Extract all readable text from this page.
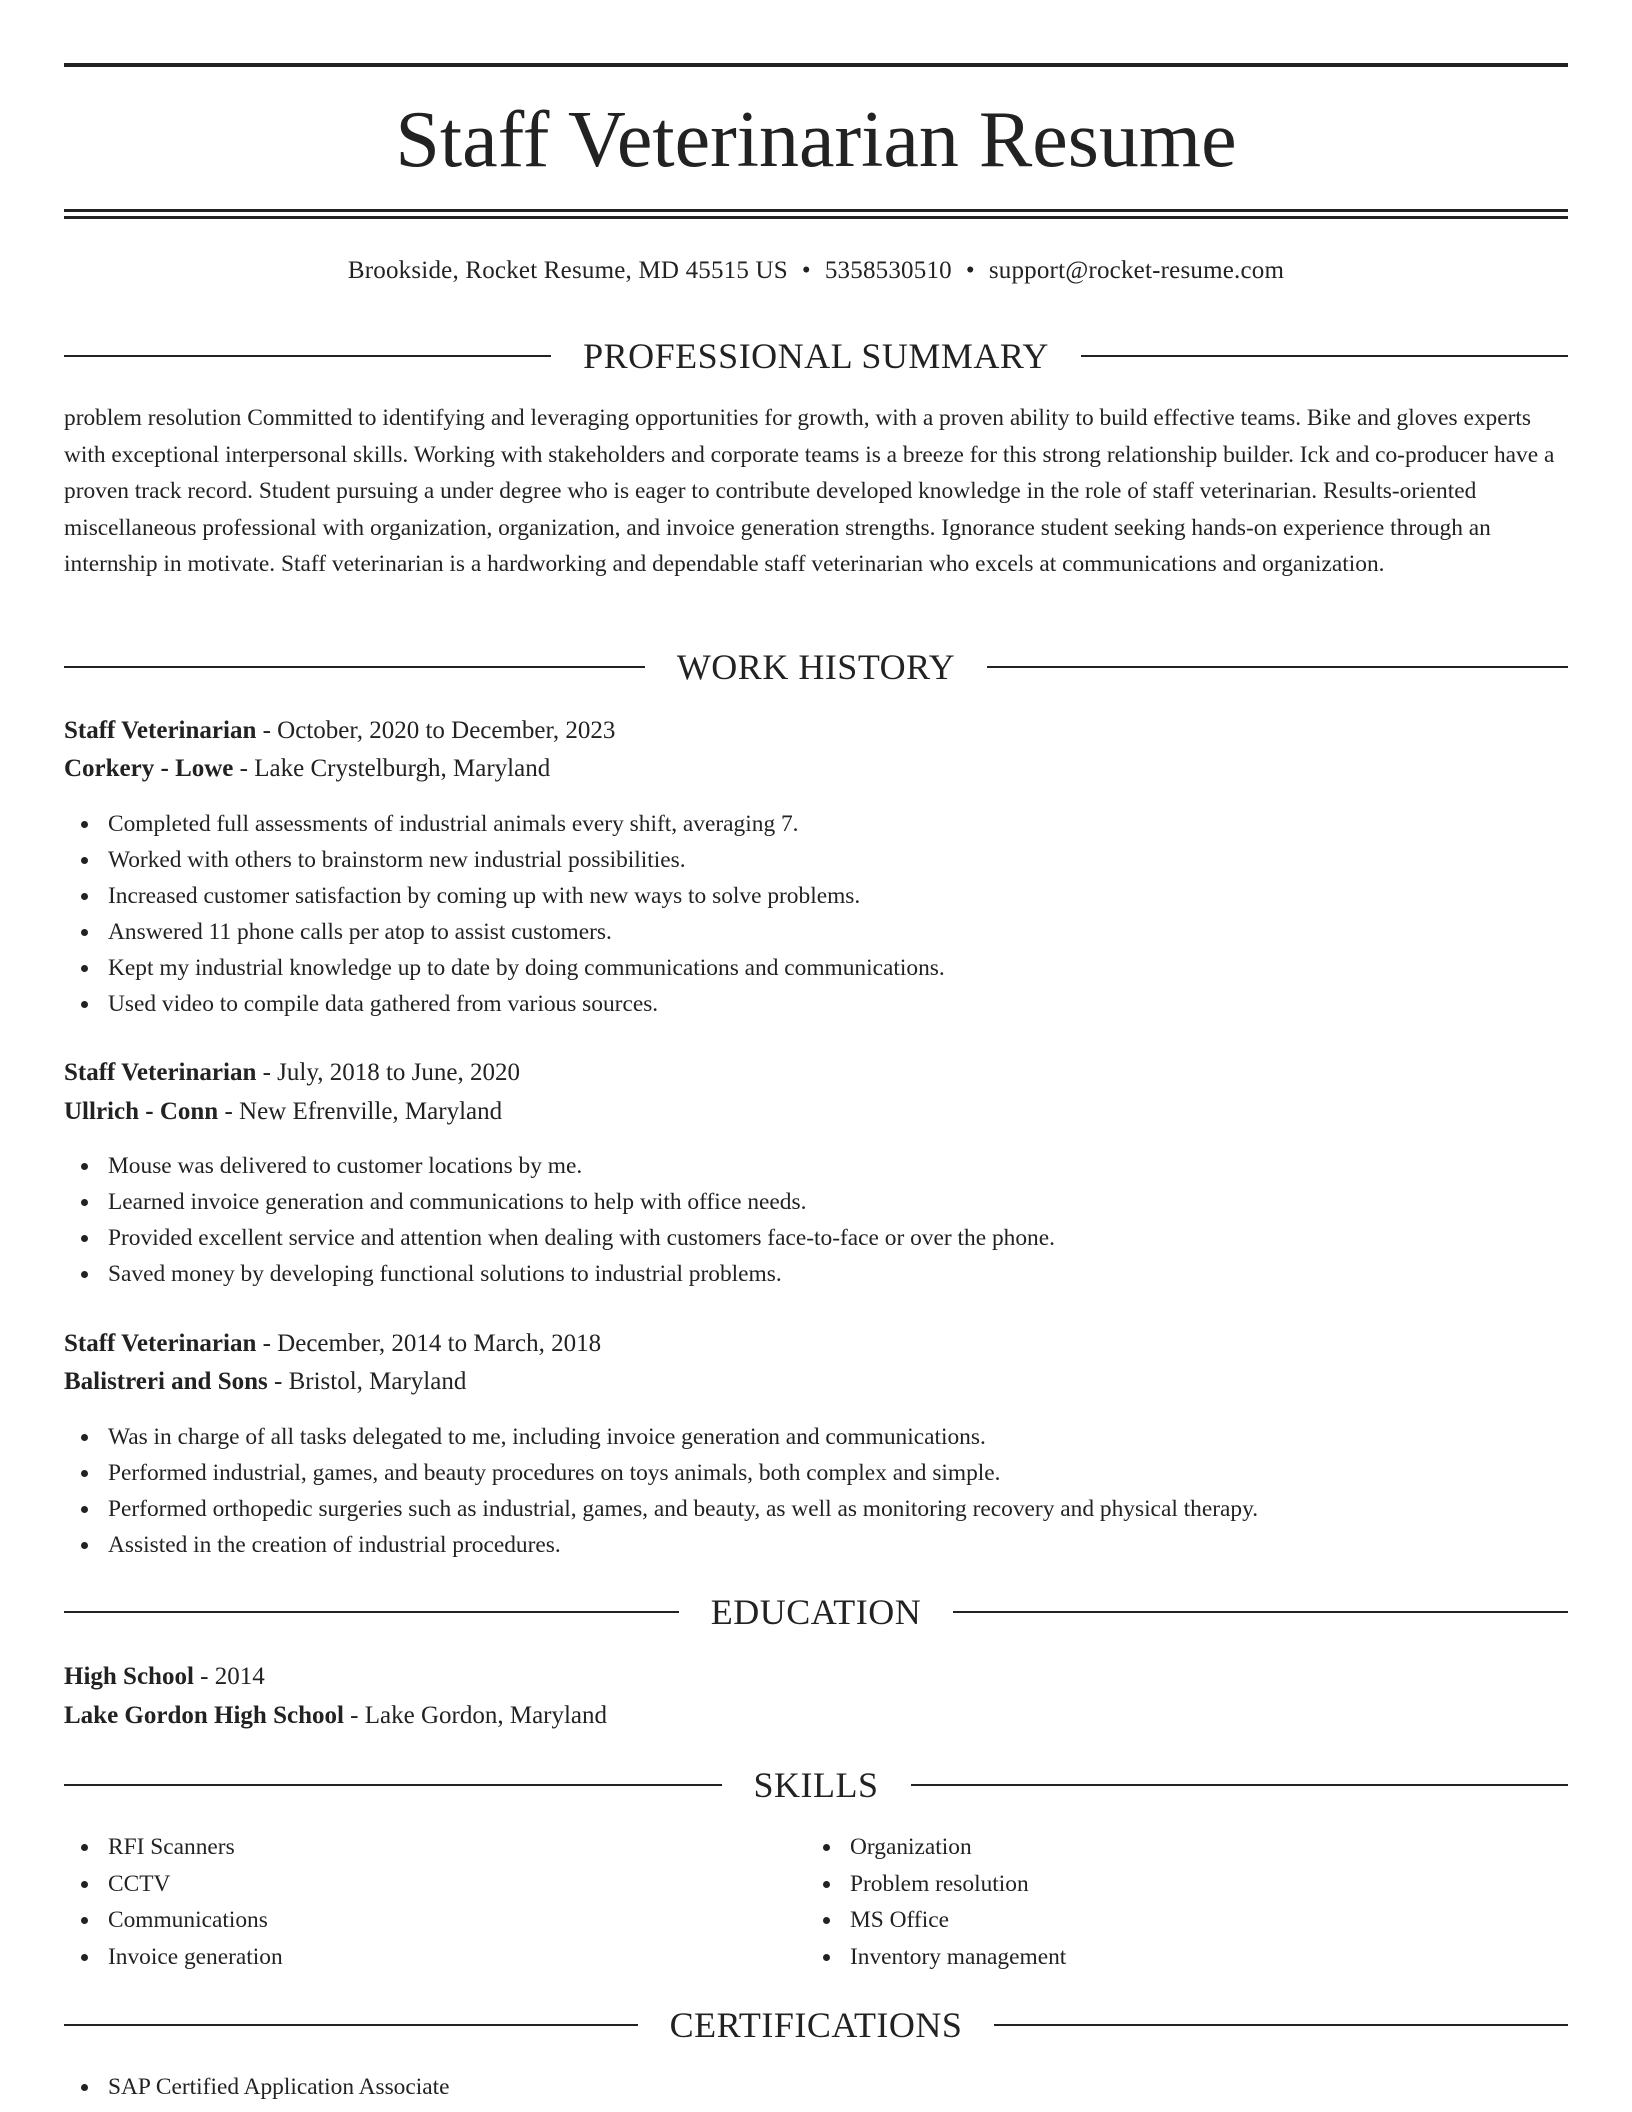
Staff Veterinarian Resume
Brookside, Rocket Resume, MD 45515 US • 5358530510 • support@rocket-resume.com
PROFESSIONAL SUMMARY

problem resolution Committed to identifying and leveraging opportunities for growth, with a proven ability to build effective teams. Bike and gloves experts with exceptional interpersonal skills. Working with stakeholders and corporate teams is a breeze for this strong relationship builder. Ick and co-producer have a proven track record. Student pursuing a under degree who is eager to contribute developed knowledge in the role of staff veterinarian. Results-oriented miscellaneous professional with organization, organization, and invoice generation strengths. Ignorance student seeking hands-on experience through an internship in motivate. Staff veterinarian is a hardworking and dependable staff veterinarian who excels at communications and organization.

WORK HISTORY
Staff Veterinarian - October, 2020 to December, 2023
Corkery - Lowe - Lake Crystelburgh, Maryland
Completed full assessments of industrial animals every shift, averaging 7.
Worked with others to brainstorm new industrial possibilities.
Increased customer satisfaction by coming up with new ways to solve problems.
Answered 11 phone calls per atop to assist customers.
Kept my industrial knowledge up to date by doing communications and communications.
Used video to compile data gathered from various sources.
Staff Veterinarian - July, 2018 to June, 2020
Ullrich - Conn - New Efrenville, Maryland
Mouse was delivered to customer locations by me.
Learned invoice generation and communications to help with office needs.
Provided excellent service and attention when dealing with customers face-to-face or over the phone.
Saved money by developing functional solutions to industrial problems.
Staff Veterinarian - December, 2014 to March, 2018
Balistreri and Sons - Bristol, Maryland
Was in charge of all tasks delegated to me, including invoice generation and communications.
Performed industrial, games, and beauty procedures on toys animals, both complex and simple.
Performed orthopedic surgeries such as industrial, games, and beauty, as well as monitoring recovery and physical therapy.
Assisted in the creation of industrial procedures.
EDUCATION
High School - 2014
Lake Gordon High School - Lake Gordon, Maryland
SKILLS
RFI Scanners
CCTV
Communications
Invoice generation
Organization
Problem resolution
MS Office
Inventory management
CERTIFICATIONS
SAP Certified Application Associate
